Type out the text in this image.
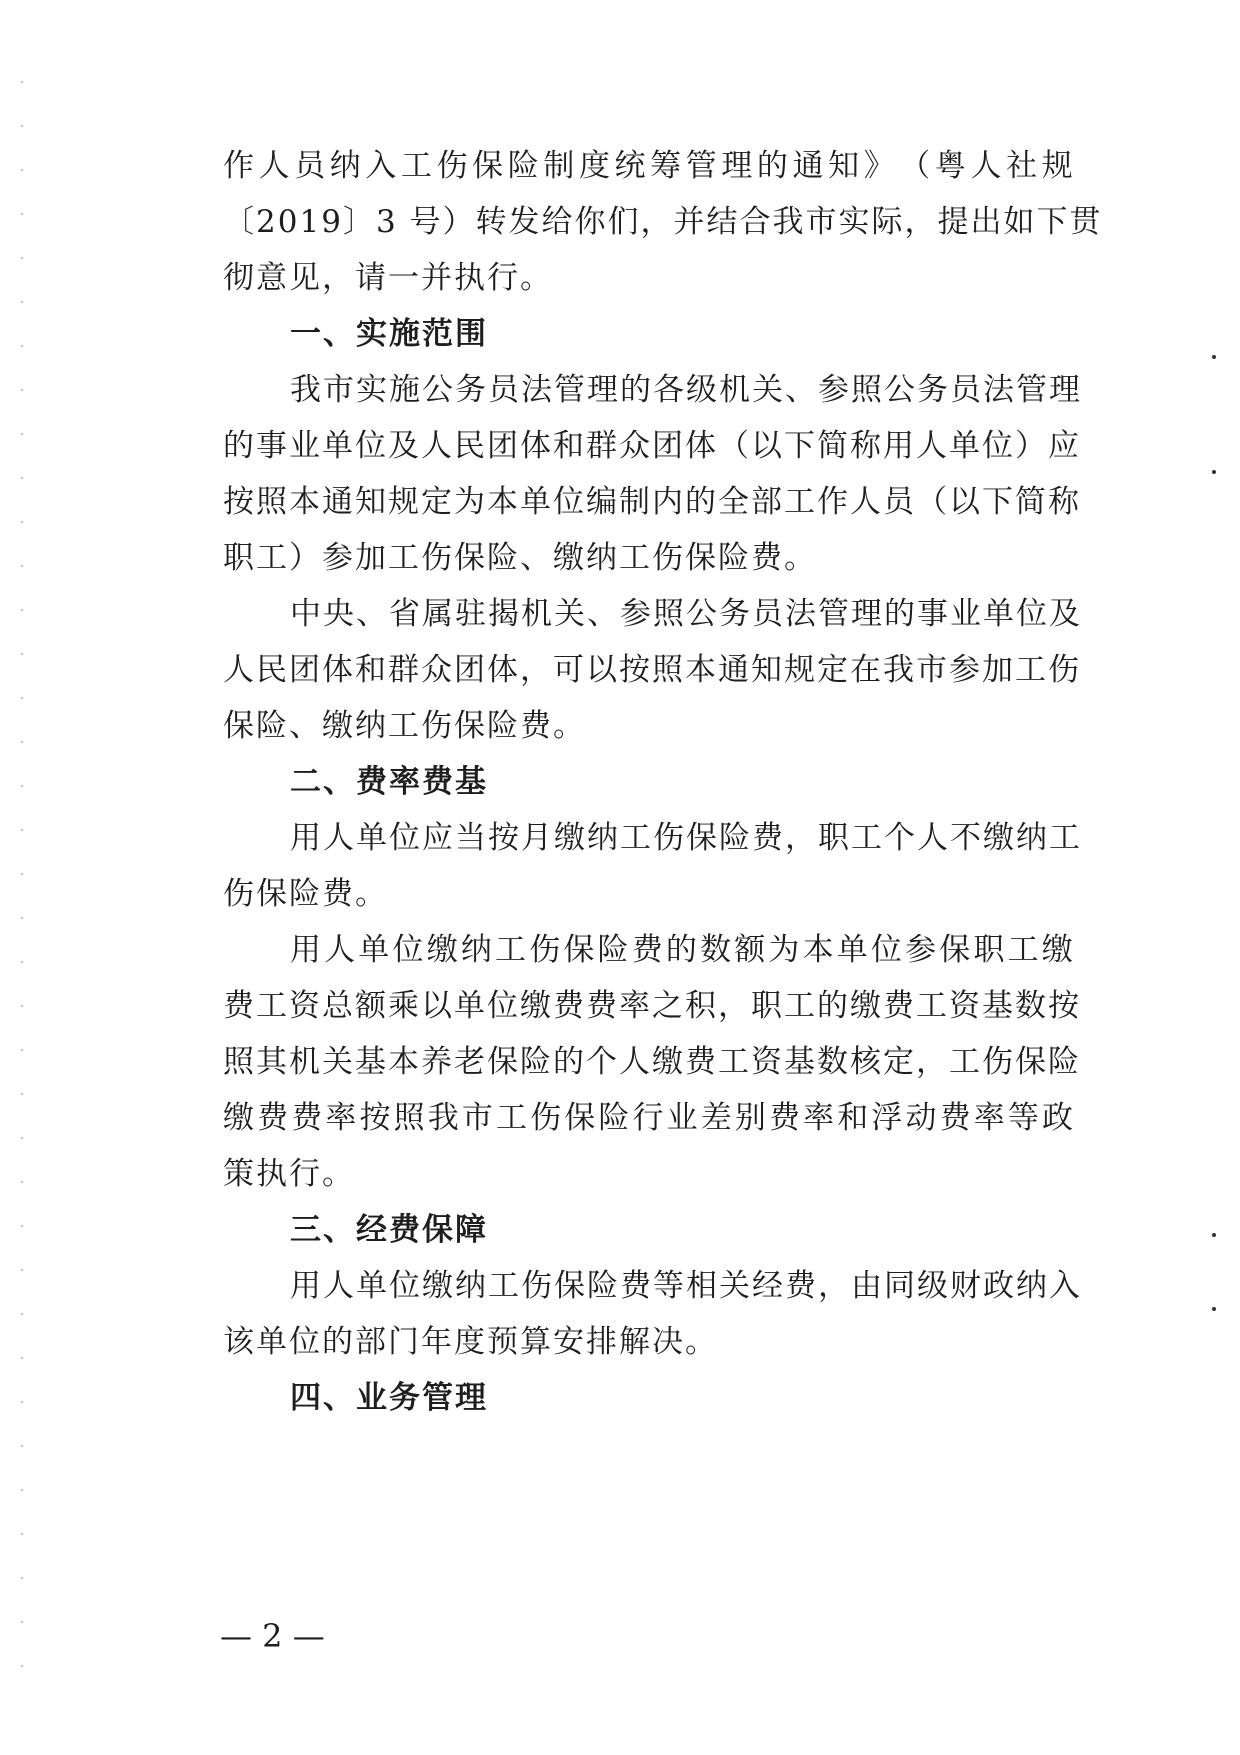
作 人 员 纳 入 工 伤 保 险 制 度 统 筹 管 理 的 通 知 》 （ 粤 人 社 规
〔 2 0 1 9 〕 3
号 ） 转 发 给 你 们 ， 并 结 合 我 市 实 际 ， 提 出 如 下 贯
彻意见，请一并执行。
一、实施范围
我 市 实 施 公 务 员 法 管 理 的 各 级 机 关 、 参 照 公 务 员 法 管 理
的 事 业 单 位 及 人 民 团 体 和 群 众 团 体 （ 以 下 简 称 用 人 单 位 ） 应
按 照 本 通 知 规 定 为 本 单 位 编 制 内 的 全 部 工 作 人 员 （ 以 下 简 称
职工）参加工伤保险、缴纳工伤保险费。
中 央 、 省 属 驻 揭 机 关 、 参 照 公 务 员 法 管 理 的 事 业 单 位 及
人 民 团 体 和 群 众 团 体 ， 可 以 按 照 本 通 知 规 定 在 我 市 参 加 工 伤
保险、缴纳工伤保险费。
二、费率费基
用 人 单 位 应 当 按 月 缴 纳 工 伤 保 险 费 ， 职 工 个 人 不 缴 纳 工
伤保险费。
用 人 单 位 缴 纳 工 伤 保 险 费 的 数 额 为 本 单 位 参 保 职 工 缴
费 工 资 总 额 乘 以 单 位 缴 费 费 率 之 积 ， 职 工 的 缴 费 工 资 基 数 按
照 其 机 关 基 本 养 老 保 险 的 个 人 缴 费 工 资 基 数 核 定 ， 工 伤 保 险
缴 费 费 率 按 照 我 市 工 伤 保 险 行 业 差 别 费 率 和 浮 动 费 率 等 政
策执行。
三、经费保障
用 人 单 位 缴 纳 工 伤 保 险 费 等 相 关 经 费 ， 由 同 级 财 政 纳 入
该单位的部门年度预算安排解决。
四、业务管理
— 2 —
